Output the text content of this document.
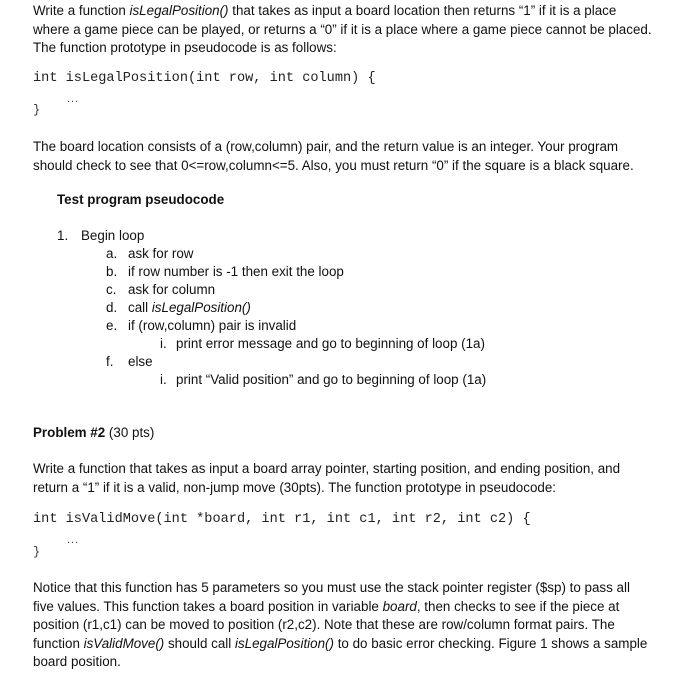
Write a function isLegalPosition() that takes as input a board location then returns “1” if it is a place
where a game piece can be played, or returns a “0” if it is a place where a game piece cannot be placed.
The function prototype in pseudocode is as follows:
int isLegalPosition(int row, int column) {
...
}
The board location consists of a (row,column) pair, and the return value is an integer. Your program
should check to see that 0<=row,column<=5. Also, you must return “0” if the square is a black square.
Test program pseudocode
1. Begin loop
a. ask for row
b. if row number is -1 then exit the loop
c. ask for column
d. call isLegalPosition()
e. if (row,column) pair is invalid
i. print error message and go to beginning of loop (1a)
f. else
i. print “Valid position” and go to beginning of loop (1a)
Problem #2 (30 pts)
Write a function that takes as input a board array pointer, starting position, and ending position, and
return a “1” if it is a valid, non-jump move (30pts). The function prototype in pseudocode:
int isValidMove(int *board, int r1, int c1, int r2, int c2) {
...
}
Notice that this function has 5 parameters so you must use the stack pointer register ($sp) to pass all
five values. This function takes a board position in variable board, then checks to see if the piece at
position (r1,c1) can be moved to position (r2,c2). Note that these are row/column format pairs. The
function isValidMove() should call isLegalPosition() to do basic error checking. Figure 1 shows a sample
board position.
